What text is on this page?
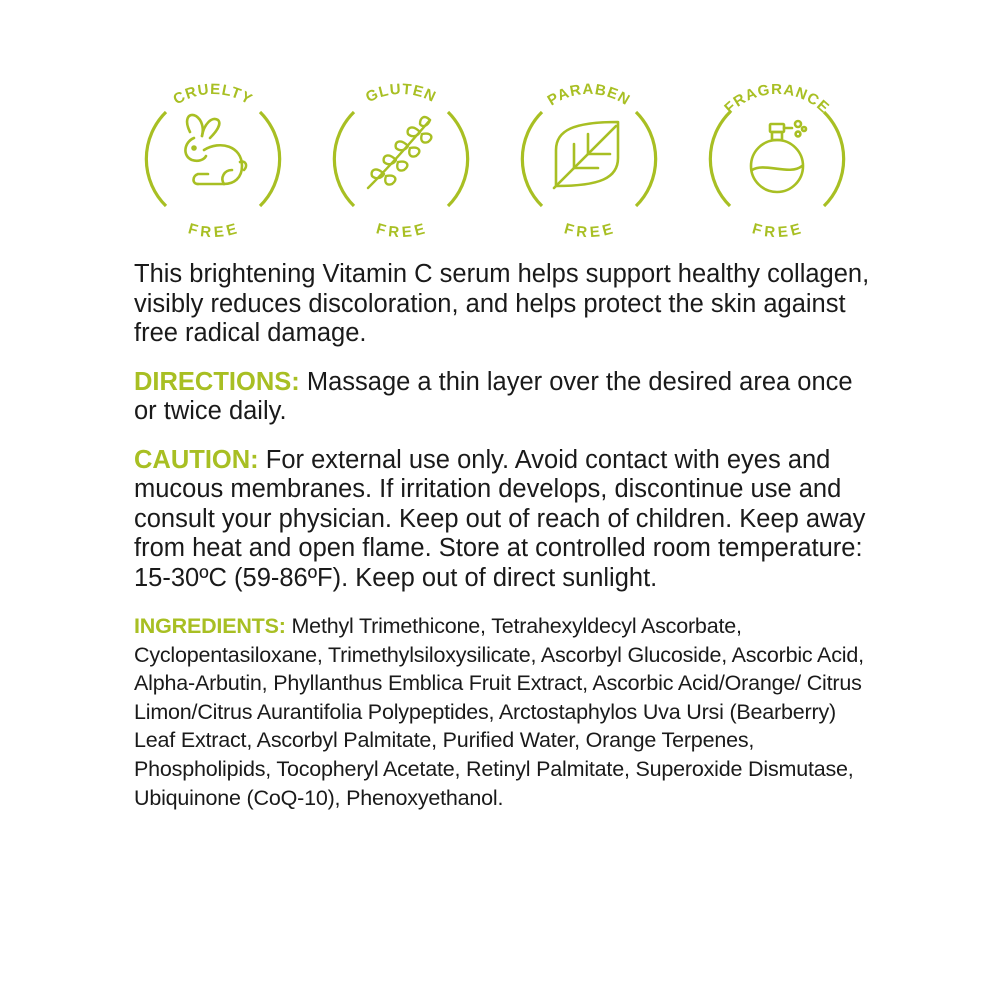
CRUELTY
FREE
GLUTEN
FREE
PARABEN
FREE
FRAGRANCE
FREE

This brightening Vitamin C serum helps support healthy collagen, visibly reduces discoloration, and helps protect the skin against free radical damage.

DIRECTIONS: Massage a thin layer over the desired area once or twice daily.

CAUTION: For external use only. Avoid contact with eyes and mucous membranes. If irritation develops, discontinue use and consult your physician. Keep out of reach of children. Keep away from heat and open flame. Store at controlled room temperature: 15-30ºC (59-86ºF). Keep out of direct sunlight.

INGREDIENTS: Methyl Trimethicone, Tetrahexyldecyl Ascorbate, Cyclopentasiloxane, Trimethylsiloxysilicate, Ascorbyl Glucoside, Ascorbic Acid, Alpha-Arbutin, Phyllanthus Emblica Fruit Extract, Ascorbic Acid/Orange/ Citrus Limon/Citrus Aurantifolia Polypeptides, Arctostaphylos Uva Ursi (Bearberry) Leaf Extract, Ascorbyl Palmitate, Purified Water, Orange Terpenes, Phospholipids, Tocopheryl Acetate, Retinyl Palmitate, Superoxide Dismutase, Ubiquinone (CoQ-10), Phenoxyethanol.
